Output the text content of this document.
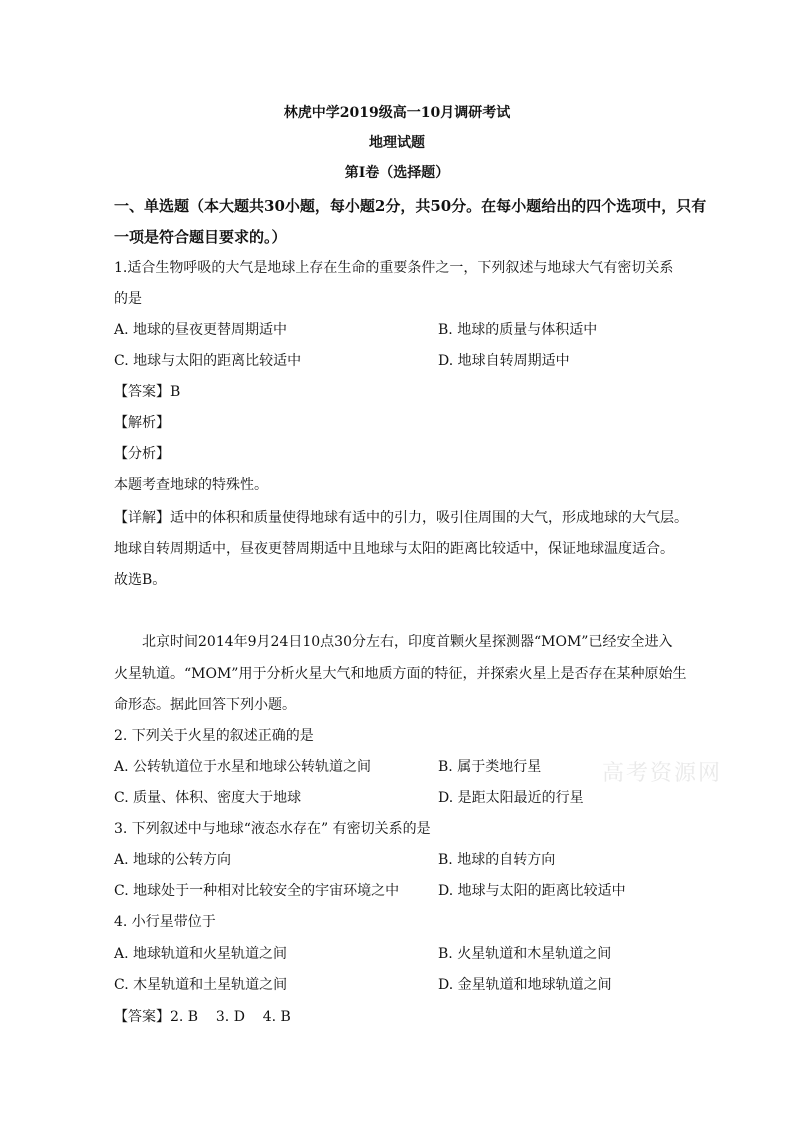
林虎中学2019级高一10月调研考试
地理试题
第I卷（选择题）
一、单选题（本大题共30小题，每小题2分，共50分。在每小题给出的四个选项中，只有
一项是符合题目要求的。）
1.适合生物呼吸的大气是地球上存在生命的重要条件之一，下列叙述与地球大气有密切关系
的是
A. 地球的昼夜更替周期适中	B. 地球的质量与体积适中
C. 地球与太阳的距离比较适中	D. 地球自转周期适中
【答案】B
【解析】
【分析】
本题考查地球的特殊性。
【详解】适中的体积和质量使得地球有适中的引力，吸引住周围的大气，形成地球的大气层。
地球自转周期适中，昼夜更替周期适中且地球与太阳的距离比较适中，保证地球温度适合。
故选B。
北京时间2014年9月24日10点30分左右，印度首颗火星探测器“MOM”已经安全进入
火星轨道。“MOM”用于分析火星大气和地质方面的特征，并探索火星上是否存在某种原始生
命形态。据此回答下列小题。
2. 下列关于火星的叙述正确的是
A. 公转轨道位于水星和地球公转轨道之间	B. 属于类地行星
C. 质量、体积、密度大于地球	D. 是距太阳最近的行星
3. 下列叙述中与地球“液态水存在” 有密切关系的是
A. 地球的公转方向	B. 地球的自转方向
C. 地球处于一种相对比较安全的宇宙环境之中	D. 地球与太阳的距离比较适中
4. 小行星带位于
A. 地球轨道和火星轨道之间	B. 火星轨道和木星轨道之间
C. 木星轨道和土星轨道之间	D. 金星轨道和地球轨道之间
【答案】2. B    3. D    4. B
高考资源网
